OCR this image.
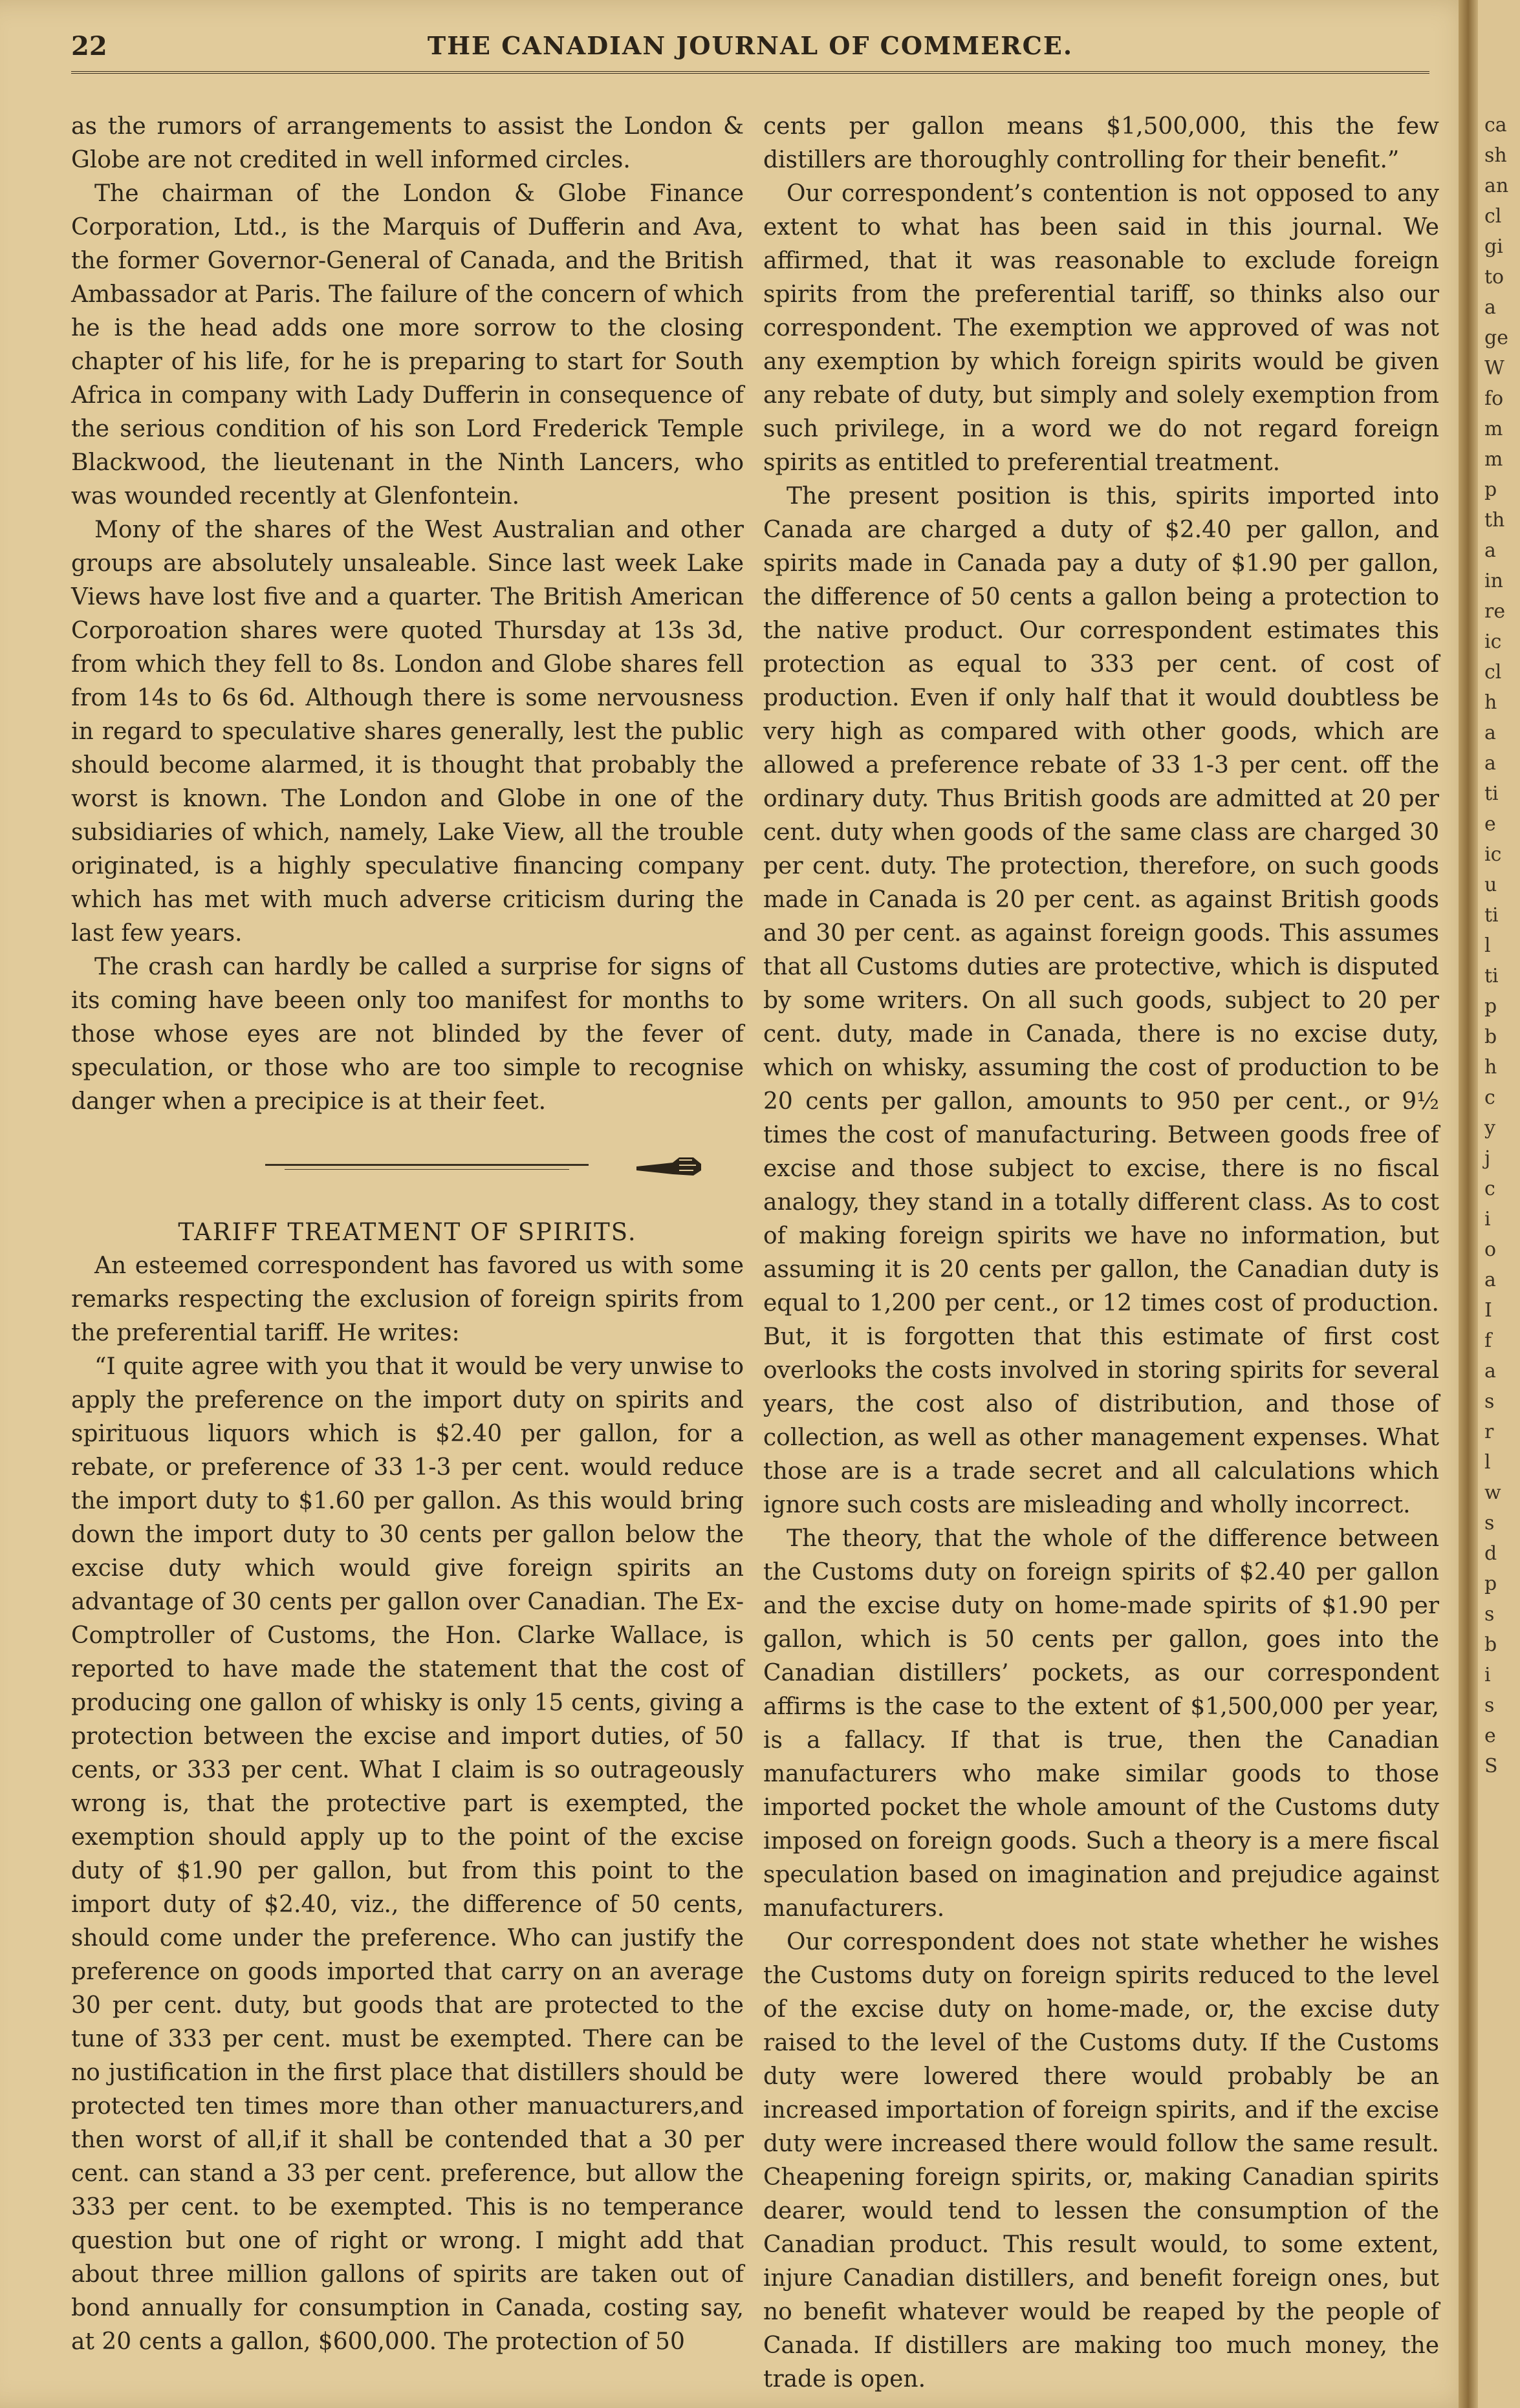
22	THE CANADIAN JOURNAL OF COMMERCE.

as the rumors of arrangements to assist the London & Globe are not credited in well informed circles.

The chairman of the London & Globe Finance Corporation, Ltd., is the Marquis of Dufferin and Ava, the former Governor-General of Canada, and the British Ambassador at Paris. The failure of the concern of which he is the head adds one more sorrow to the closing chapter of his life, for he is preparing to start for South Africa in company with Lady Dufferin in consequence of the serious condition of his son Lord Frederick Temple Blackwood, the lieutenant in the Ninth Lancers, who was wounded recently at Glenfontein.

Mony of the shares of the West Australian and other groups are absolutely unsaleable. Since last week Lake Views have lost five and a quarter. The British American Corporoation shares were quoted Thursday at 13s 3d, from which they fell to 8s. London and Globe shares fell from 14s to 6s 6d. Although there is some nervousness in regard to speculative shares generally, lest the public should become alarmed, it is thought that probably the worst is known. The London and Globe in one of the subsidiaries of which, namely, Lake View, all the trouble originated, is a highly speculative financing company which has met with much adverse criticism during the last few years.

The crash can hardly be called a surprise for signs of its coming have beeen only too manifest for months to those whose eyes are not blinded by the fever of speculation, or those who are too simple to recognise danger when a precipice is at their feet.

TARIFF TREATMENT OF SPIRITS.

An esteemed correspondent has favored us with some remarks respecting the exclusion of foreign spirits from the preferential tariff. He writes:

“I quite agree with you that it would be very unwise to apply the preference on the import duty on spirits and spirituous liquors which is $2.40 per gallon, for a rebate, or preference of 33 1-3 per cent. would reduce the import duty to $1.60 per gallon. As this would bring down the import duty to 30 cents per gallon below the excise duty which would give foreign spirits an advantage of 30 cents per gallon over Canadian. The Ex-Comptroller of Customs, the Hon. Clarke Wallace, is reported to have made the statement that the cost of producing one gallon of whisky is only 15 cents, giving a protection between the excise and import duties, of 50 cents, or 333 per cent. What I claim is so outrageously wrong is, that the protective part is exempted, the exemption should apply up to the point of the excise duty of $1.90 per gallon, but from this point to the import duty of $2.40, viz., the difference of 50 cents, should come under the preference. Who can justify the preference on goods imported that carry on an average 30 per cent. duty, but goods that are protected to the tune of 333 per cent. must be exempted. There can be no justification in the first place that distillers should be protected ten times more than other manuacturers,and then worst of all,if it shall be contended that a 30 per cent. can stand a 33 per cent. preference, but allow the 333 per cent. to be exempted. This is no temperance question but one of right or wrong. I might add that about three million gallons of spirits are taken out of bond annually for consumption in Canada, costing say, at 20 cents a gallon, $600,000. The protection of 50

cents per gallon means $1,500,000, this the few distillers are thoroughly controlling for their benefit.”

Our correspondent’s contention is not opposed to any extent to what has been said in this journal. We affirmed, that it was reasonable to exclude foreign spirits from the preferential tariff, so thinks also our correspondent. The exemption we approved of was not any exemption by which foreign spirits would be given any rebate of duty, but simply and solely exemption from such privilege, in a word we do not regard foreign spirits as entitled to preferential treatment.

The present position is this, spirits imported into Canada are charged a duty of $2.40 per gallon, and spirits made in Canada pay a duty of $1.90 per gallon, the difference of 50 cents a gallon being a protection to the native product. Our correspondent estimates this protection as equal to 333 per cent. of cost of production. Even if only half that it would doubtless be very high as compared with other goods, which are allowed a preference rebate of 33 1-3 per cent. off the ordinary duty. Thus British goods are admitted at 20 per cent. duty when goods of the same class are charged 30 per cent. duty. The protection, therefore, on such goods made in Canada is 20 per cent. as against British goods and 30 per cent. as against foreign goods. This assumes that all Customs duties are protective, which is disputed by some writers. On all such goods, subject to 20 per cent. duty, made in Canada, there is no excise duty, which on whisky, assuming the cost of production to be 20 cents per gallon, amounts to 950 per cent., or 9½ times the cost of manufacturing. Between goods free of excise and those subject to excise, there is no fiscal analogy, they stand in a totally different class. As to cost of making foreign spirits we have no information, but assuming it is 20 cents per gallon, the Canadian duty is equal to 1,200 per cent., or 12 times cost of production. But, it is forgotten that this estimate of first cost overlooks the costs involved in storing spirits for several years, the cost also of distribution, and those of collection, as well as other management expenses. What those are is a trade secret and all calculations which ignore such costs are misleading and wholly incorrect.

The theory, that the whole of the difference between the Customs duty on foreign spirits of $2.40 per gallon and the excise duty on home-made spirits of $1.90 per gallon, which is 50 cents per gallon, goes into the Canadian distillers’ pockets, as our correspondent affirms is the case to the extent of $1,500,000 per year, is a fallacy. If that is true, then the Canadian manufacturers who make similar goods to those imported pocket the whole amount of the Customs duty imposed on foreign goods. Such a theory is a mere fiscal speculation based on imagination and prejudice against manufacturers.

Our correspondent does not state whether he wishes the Customs duty on foreign spirits reduced to the level of the excise duty on home-made, or, the excise duty raised to the level of the Customs duty. If the Customs duty were lowered there would probably be an increased importation of foreign spirits, and if the excise duty were increased there would follow the same result. Cheapening foreign spirits, or, making Canadian spirits dearer, would tend to lessen the consumption of the Canadian product. This result would, to some extent, injure Canadian distillers, and benefit foreign ones, but no benefit whatever would be reaped by the people of Canada. If distillers are making too much money, the trade is open.

ca
sh
an
cl
gi
to
a
ge
W
fo
m
m
p
th
a
in
re
ic
cl
h
a
a
ti
e
ic
u
ti
l
ti
p
b
h
c
y
j
c
i
o
a
I
f
a
s
r
l
w
s
d
p
s
b
i
s
e
S
